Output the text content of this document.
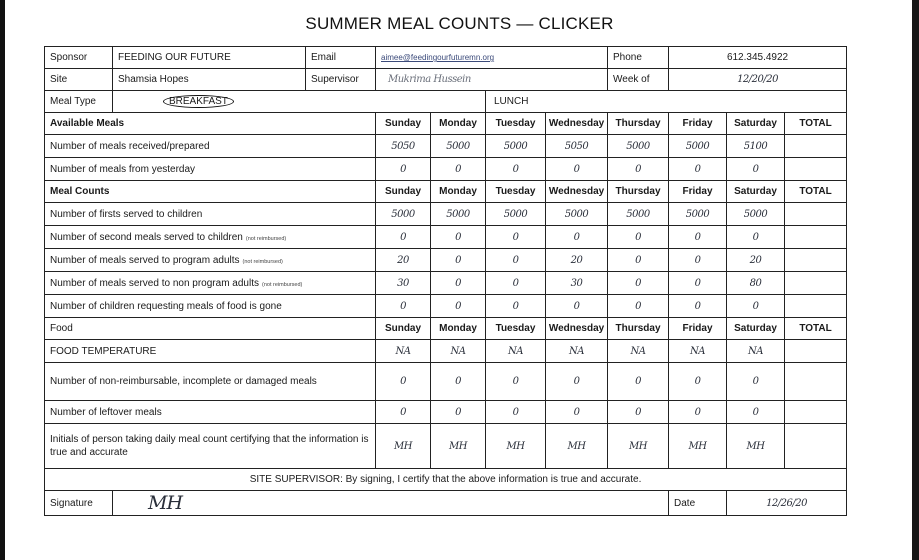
SUMMER MEAL COUNTS — CLICKER
Sponsor	FEEDING OUR FUTURE	Email	aimee@feedingourfuturemn.org				Phone	612.345.4922		
Site	Shamsia Hopes	Supervisor	Mukrima Hussein				Week of	12/20/20		
Meal Type	BREAKFAST				LUNCH					
Available Meals			Sunday	Monday	Tuesday	Wednesday	Thursday	Friday	Saturday	TOTAL
Number of meals received/prepared			5050	5000	5000	5050	5000	5000	5100	
Number of meals from yesterday			0	0	0	0	0	0	0	
Meal Counts			Sunday	Monday	Tuesday	Wednesday	Thursday	Friday	Saturday	TOTAL
Number of firsts served to children			5000	5000	5000	5000	5000	5000	5000	
Number of second meals served to children (not reimbursed)			0	0	0	0	0	0	0	
Number of meals served to program adults (not reimbursed)			20	0	0	20	0	0	20	
Number of meals served to non program adults (not reimbursed)			30	0	0	30	0	0	80	
Number of children requesting meals of food is gone			0	0	0	0	0	0	0	
Food			Sunday	Monday	Tuesday	Wednesday	Thursday	Friday	Saturday	TOTAL
FOOD TEMPERATURE			NA	NA	NA	NA	NA	NA	NA	
Number of non-reimbursable, incomplete or damaged meals			0	0	0	0	0	0	0	
Number of leftover meals			0	0	0	0	0	0	0	
Initials of person taking daily meal count certifying that the information is true and accurate			MH	MH	MH	MH	MH	MH	MH	
SITE SUPERVISOR: By signing, I certify that the above information is true and accurate.										
Signature	MH							Date	12/26/20	
